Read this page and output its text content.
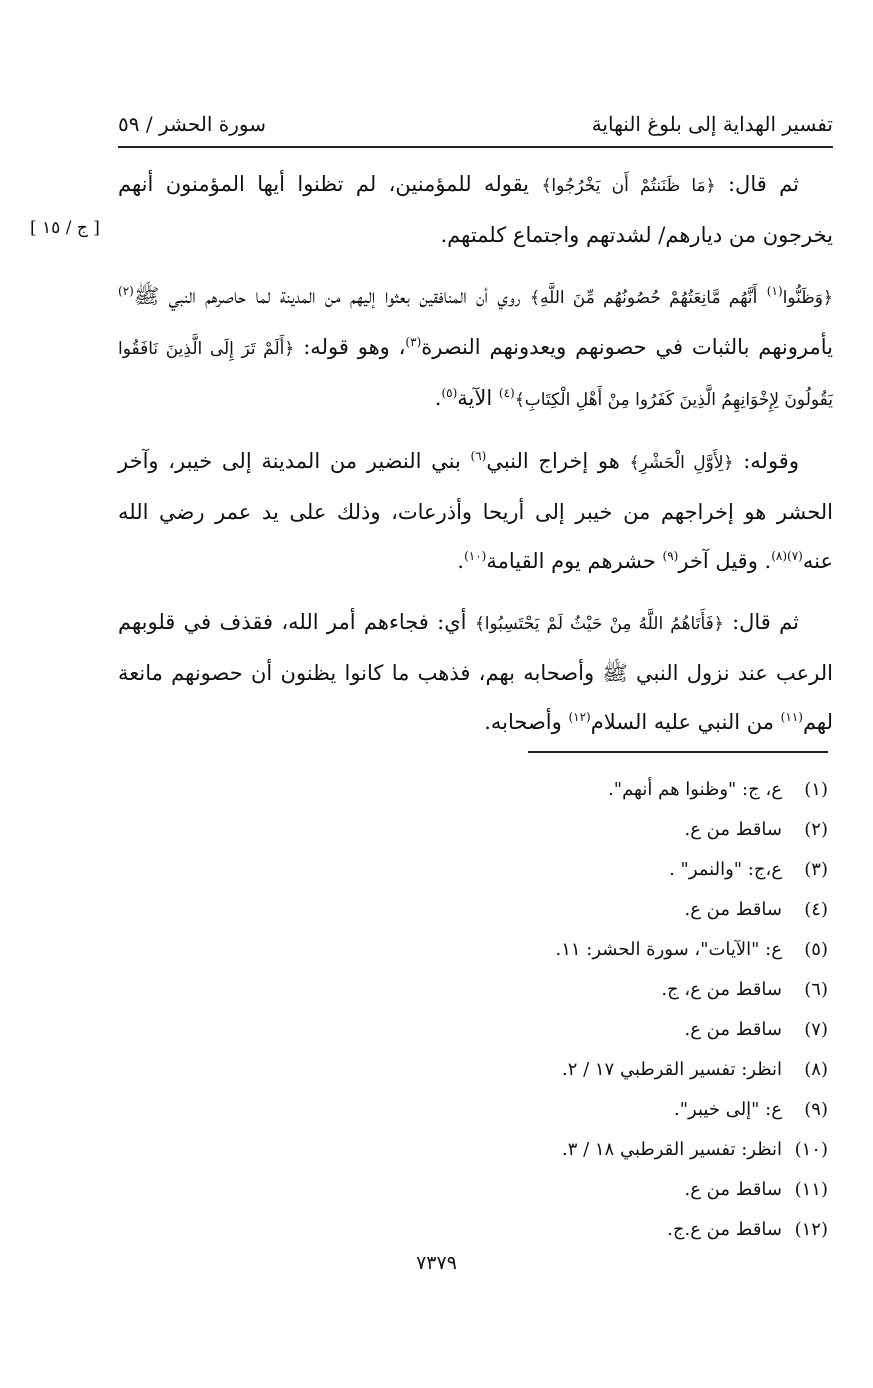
تفسير الهداية إلى بلوغ النهاية
سورة الحشر / ٥٩
[ ج / ١٥ ]

ثم قال: ﴿مَا ظَنَنتُمْ أَن يَخْرُجُوا﴾ يقوله للمؤمنين، لم تظنوا أيها المؤمنون أنهم يخرجون من ديارهم/ لشدتهم واجتماع كلمتهم.

﴿وَظَنُّوا$^{(١)}$ أَنَّهُم مَّانِعَتُهُمْ حُصُونُهُم مِّنَ اللَّهِ﴾ روي أن المنافقين بعثوا إليهم من المدينة لما حاصرهم النبي ﷺ$^{(٢)}$ يأمرونهم بالثبات في حصونهم ويعدونهم النصرة$^{(٣)}$، وهو قوله: ﴿أَلَمْ تَرَ إِلَى الَّذِينَ نَافَقُوا يَقُولُونَ لِإِخْوَانِهِمُ الَّذِينَ كَفَرُوا مِنْ أَهْلِ الْكِتَابِ﴾$^{(٤)}$ الآية$^{(٥)}$.

وقوله: ﴿لِأَوَّلِ الْحَشْرِ﴾ هو إخراج النبي$^{(٦)}$ بني النضير من المدينة إلى خيبر، وآخر الحشر هو إخراجهم من خيبر إلى أريحا وأذرعات، وذلك على يد عمر رضي الله عنه$^{(٧)(٨)}$. وقيل آخر$^{(٩)}$ حشرهم يوم القيامة$^{(١٠)}$.

ثم قال: ﴿فَأَتَاهُمُ اللَّهُ مِنْ حَيْثُ لَمْ يَحْتَسِبُوا﴾ أي: فجاءهم أمر الله، فقذف في قلوبهم الرعب عند نزول النبي ﷺ وأصحابه بهم، فذهب ما كانوا يظنون أن حصونهم مانعة لهم$^{(١١)}$ من النبي عليه السلام$^{(١٢)}$ وأصحابه.

(١)
ع، ج: "وظنوا هم أنهم".
(٢)
ساقط من ع.
(٣)
ع،ج: "والنمر" .
(٤)
ساقط من ع.
(٥)
ع: "الآيات"، سورة الحشر: ١١.
(٦)
ساقط من ع، ج.
(٧)
ساقط من ع.
(٨)
انظر: تفسير القرطبي ١٧ / ٢.
(٩)
ع: "إلى خيبر".
(١٠)
انظر: تفسير القرطبي ١٨ / ٣.
(١١)
ساقط من ع.
(١٢)
ساقط من ع.ج.
٧٣٧٩
